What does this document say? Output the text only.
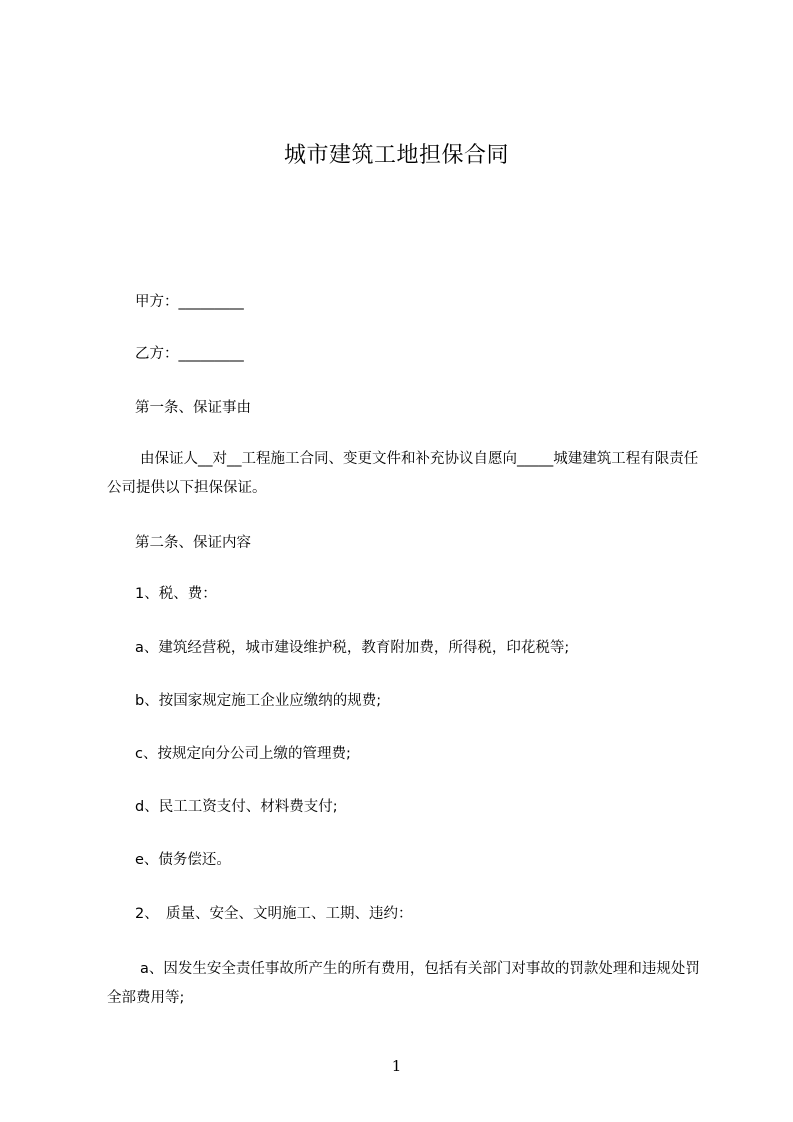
城市建筑工地担保合同
甲方：_________
乙方：_________
第一条、保证事由
由保证人__对__工程施工合同、变更文件和补充协议自愿向_____城建建筑工程有限责任公司提供以下担保保证。
第二条、保证内容
1、税、费：
a、建筑经营税，城市建设维护税，教育附加费，所得税，印花税等;
b、按国家规定施工企业应缴纳的规费;
c、按规定向分公司上缴的管理费;
d、民工工资支付、材料费支付;
e、债务偿还。
2、　质量、安全、文明施工、工期、违约：
a、因发生安全责任事故所产生的所有费用，包括有关部门对事故的罚款处理和违规处罚全部费用等;
1
